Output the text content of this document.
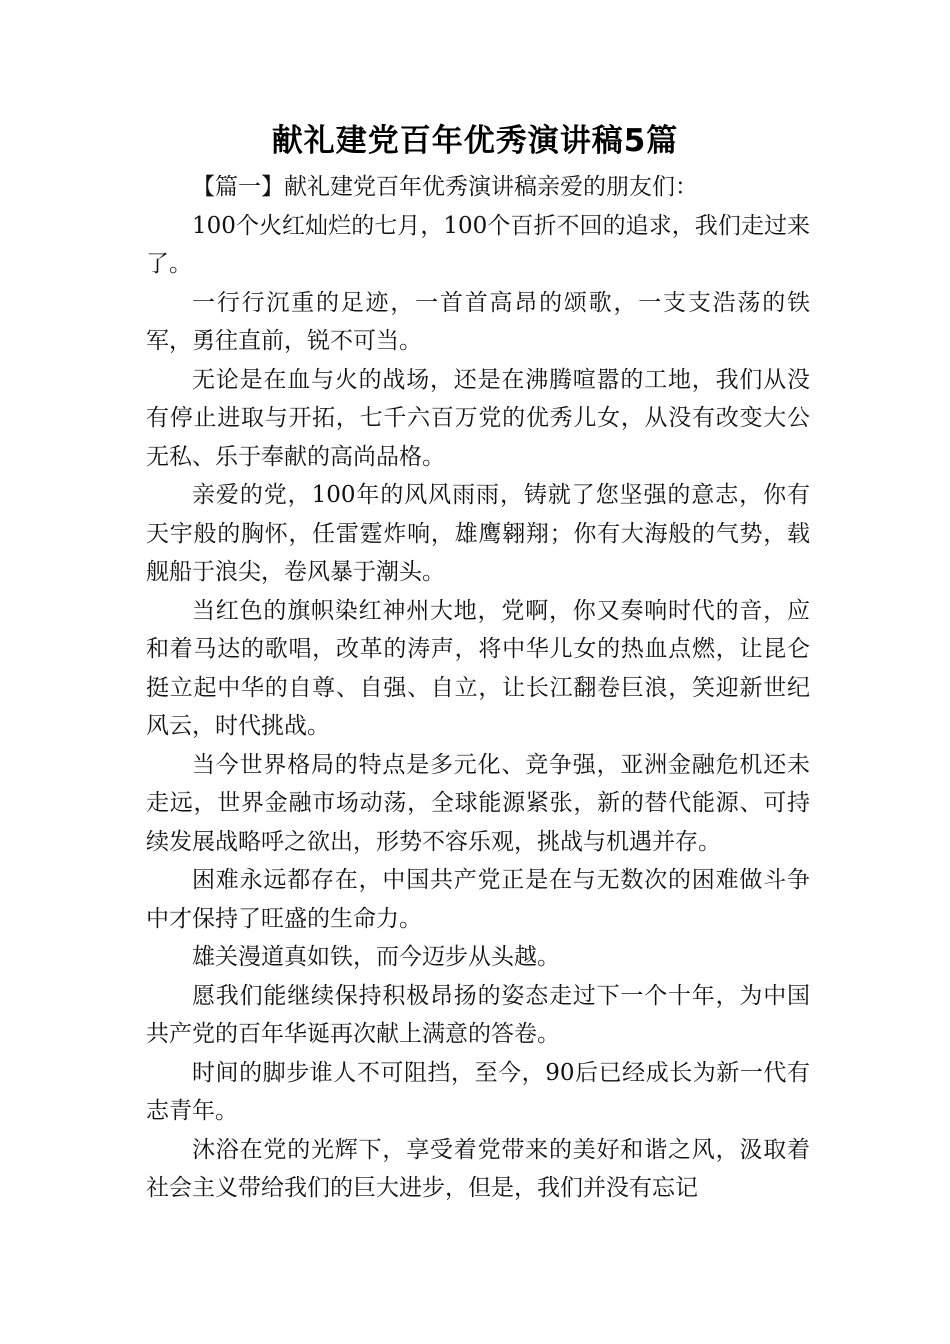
献礼建党百年优秀演讲稿5篇

【篇一】献礼建党百年优秀演讲稿亲爱的朋友们：

100个火红灿烂的七月，100个百折不回的追求，我们走过来了。

一行行沉重的足迹，一首首高昂的颂歌，一支支浩荡的铁军，勇往直前，锐不可当。

无论是在血与火的战场，还是在沸腾喧嚣的工地，我们从没有停止进取与开拓，七千六百万党的优秀儿女，从没有改变大公无私、乐于奉献的高尚品格。

亲爱的党，100年的风风雨雨，铸就了您坚强的意志，你有天宇般的胸怀，任雷霆炸响，雄鹰翱翔；你有大海般的气势，载舰船于浪尖，卷风暴于潮头。

当红色的旗帜染红神州大地，党啊，你又奏响时代的音，应和着马达的歌唱，改革的涛声，将中华儿女的热血点燃，让昆仑挺立起中华的自尊、自强、自立，让长江翻卷巨浪，笑迎新世纪风云，时代挑战。

当今世界格局的特点是多元化、竞争强，亚洲金融危机还未走远，世界金融市场动荡，全球能源紧张，新的替代能源、可持续发展战略呼之欲出，形势不容乐观，挑战与机遇并存。

困难永远都存在，中国共产党正是在与无数次的困难做斗争中才保持了旺盛的生命力。

雄关漫道真如铁，而今迈步从头越。

愿我们能继续保持积极昂扬的姿态走过下一个十年，为中国共产党的百年华诞再次献上满意的答卷。

时间的脚步谁人不可阻挡，至今，90后已经成长为新一代有志青年。

沐浴在党的光辉下，享受着党带来的美好和谐之风，汲取着社会主义带给我们的巨大进步，但是，我们并没有忘记
